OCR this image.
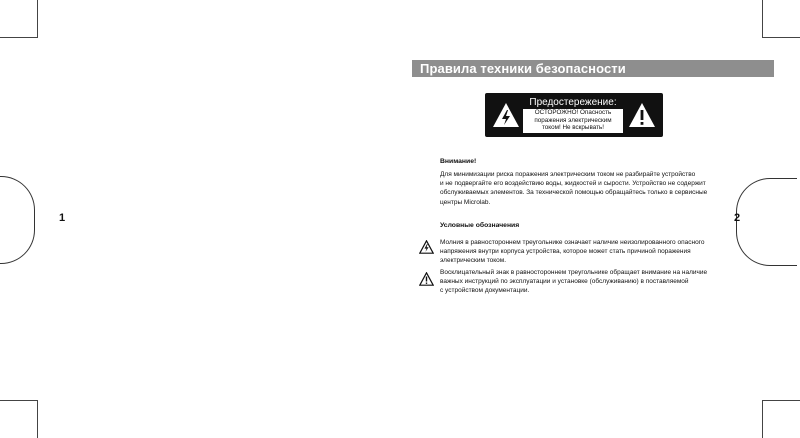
1	2
Правила техники безопасности
Предостережение:
ОСТОРОЖНО! Опасность
поражения электрическим
током! Не вскрывать!
Внимание!
Для минимизации риска поражения электрическим током не разбирайте устройство
и не подвергайте его воздействию воды, жидкостей и сырости. Устройство не содержит
обслуживаемых элементов. За технической помощью обращайтесь только в сервисные
центры Microlab.
Условные обозначения
Молния в равностороннем треугольнике означает наличие неизолированного опасного
напряжения внутри корпуса устройства, которое может стать причиной поражения
электрическим током.
Восклицательный знак в равностороннем треугольнике обращает внимание на наличие
важных инструкций по эксплуатации и установке (обслуживанию) в поставляемой
с устройством документации.
